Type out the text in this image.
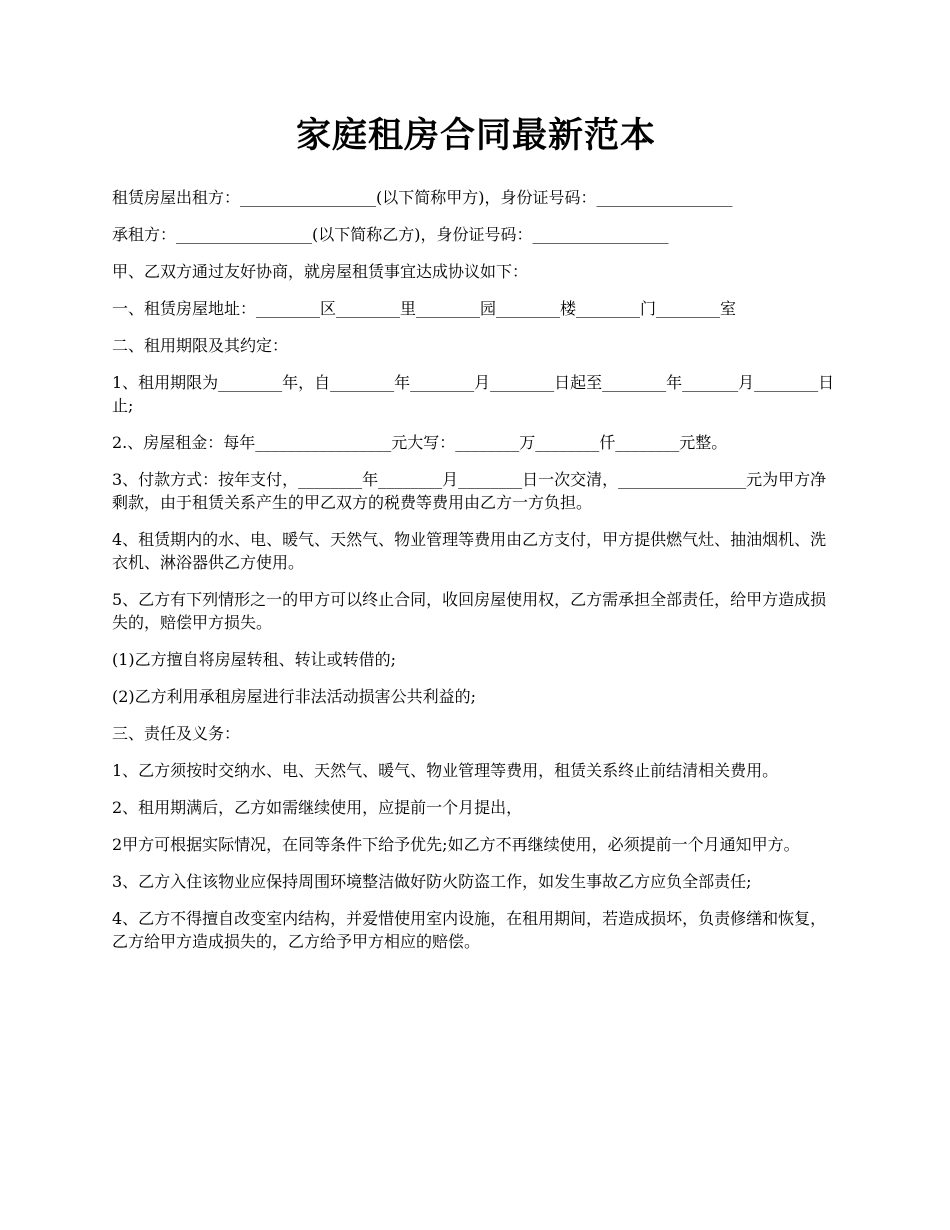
家庭租房合同最新范本

租赁房屋出租方：_________________(以下简称甲方)，身份证号码：_________________

承租方：_________________(以下简称乙方)，身份证号码：_________________

甲、乙双方通过友好协商，就房屋租赁事宜达成协议如下：

一、租赁房屋地址：________区________里________园________楼________门________室

二、租用期限及其约定：

1、租用期限为________年，自________年________月________日起至________年_______月________日止;

2.、房屋租金：每年_________________元大写：________万________仟________元整。

3、付款方式：按年支付，________年________月________日一次交清，________________元为甲方净剩款，由于租赁关系产生的甲乙双方的税费等费用由乙方一方负担。

4、租赁期内的水、电、暖气、天然气、物业管理等费用由乙方支付，甲方提供燃气灶、抽油烟机、洗衣机、淋浴器供乙方使用。

5、乙方有下列情形之一的甲方可以终止合同，收回房屋使用权，乙方需承担全部责任，给甲方造成损失的，赔偿甲方损失。

(1)乙方擅自将房屋转租、转让或转借的;

(2)乙方利用承租房屋进行非法活动损害公共利益的;

三、责任及义务：

1、乙方须按时交纳水、电、天然气、暖气、物业管理等费用，租赁关系终止前结清相关费用。

2、租用期满后，乙方如需继续使用，应提前一个月提出，

2甲方可根据实际情况，在同等条件下给予优先;如乙方不再继续使用，必须提前一个月通知甲方。

3、乙方入住该物业应保持周围环境整洁做好防火防盗工作，如发生事故乙方应负全部责任;

4、乙方不得擅自改变室内结构，并爱惜使用室内设施，在租用期间，若造成损坏，负责修缮和恢复，乙方给甲方造成损失的，乙方给予甲方相应的赔偿。
